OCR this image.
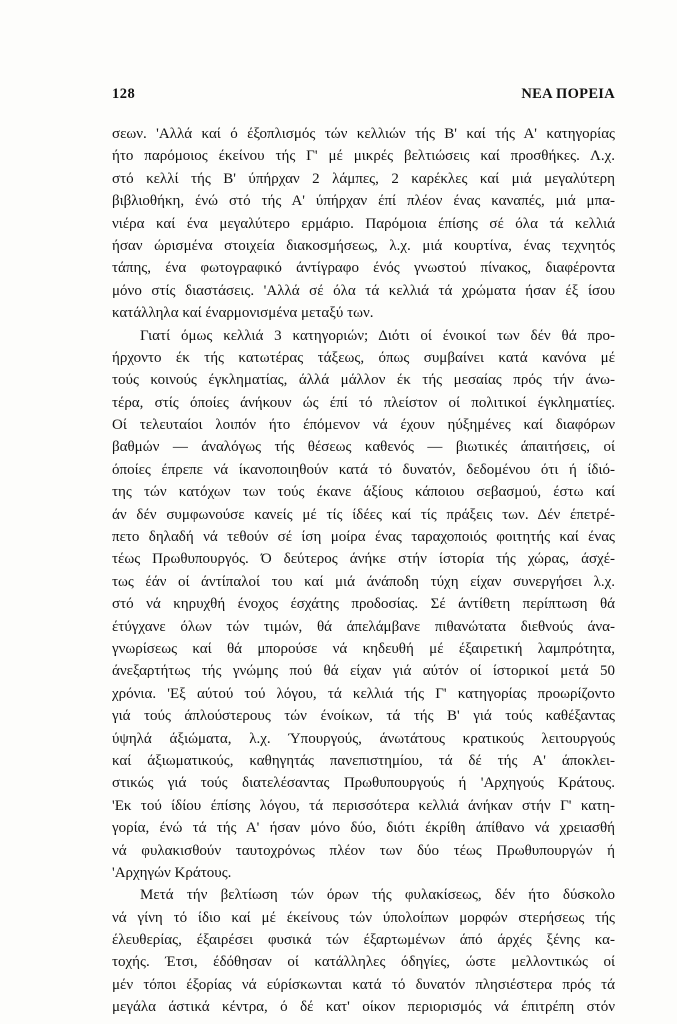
128	ΝΕΑ ΠΟΡΕΙΑ
σεων. 'Αλλά καί ό έξοπλισμός τών κελλιών τής Β' καί τής Α' κατηγορίας
ήτο παρόμοιος έκείνου τής Γ' μέ μικρές βελτιώσεις καί προσθήκες. Λ.χ.
στό κελλί τής Β' ύπήρχαν 2 λάμπες, 2 καρέκλες καί μιά μεγαλύτερη
βιβλιοθήκη, ένώ στό τής Α' ύπήρχαν έπί πλέον ένας καναπές, μιά μπα-
νιέρα καί ένα μεγαλύτερο ερμάριο. Παρόμοια έπίσης σέ όλα τά κελλιά
ήσαν ώρισμένα στοιχεία διακοσμήσεως, λ.χ. μιά κουρτίνα, ένας τεχνητός
τάπης, ένα φωτογραφικό άντίγραφο ένός γνωστού πίνακος, διαφέροντα
μόνο στίς διαστάσεις. 'Αλλά σέ όλα τά κελλιά τά χρώματα ήσαν έξ ίσου
κατάλληλα καί έναρμονισμένα μεταξύ των.
Γιατί όμως κελλιά 3 κατηγοριών; Διότι οί ένοικοί των δέν θά προ-
ήρχοντο έκ τής κατωτέρας τάξεως, όπως συμβαίνει κατά κανόνα μέ
τούς κοινούς έγκληματίας, άλλά μάλλον έκ τής μεσαίας πρός τήν άνω-
τέρα, στίς όποίες άνήκουν ώς έπί τό πλείστον οί πολιτικοί έγκληματίες.
Οί τελευταίοι λοιπόν ήτο έπόμενον νά έχουν ηύξημένες καί διαφόρων
βαθμών — άναλόγως τής θέσεως καθενός — βιωτικές άπαιτήσεις, οί
όποίες έπρεπε νά ίκανοποιηθούν κατά τό δυνατόν, δεδομένου ότι ή ίδιό-
της τών κατόχων των τούς έκανε άξίους κάποιου σεβασμού, έστω καί
άν δέν συμφωνούσε κανείς μέ τίς ίδέες καί τίς πράξεις των. Δέν έπετρέ-
πετο δηλαδή νά τεθούν σέ ίση μοίρα ένας ταραχοποιός φοιτητής καί ένας
τέως Πρωθυπουργός. Ό δεύτερος άνήκε στήν ίστορία τής χώρας, άσχέ-
τως έάν οί άντίπαλοί του καί μιά άνάποδη τύχη είχαν συνεργήσει λ.χ.
στό νά κηρυχθή ένοχος έσχάτης προδοσίας. Σέ άντίθετη περίπτωση θά
έτύγχανε όλων τών τιμών, θά άπελάμβανε πιθανώτατα διεθνούς άνα-
γνωρίσεως καί θά μπορούσε νά κηδευθή μέ έξαιρετική λαμπρότητα,
άνεξαρτήτως τής γνώμης πού θά είχαν γιά αύτόν οί ίστορικοί μετά 50
χρόνια. 'Εξ αύτού τού λόγου, τά κελλιά τής Γ' κατηγορίας προωρίζοντο
γιά τούς άπλούστερους τών ένοίκων, τά τής Β' γιά τούς καθέξαντας
ύψηλά άξιώματα, λ.χ. Ύπουργούς, άνωτάτους κρατικούς λειτουργούς
καί άξιωματικούς, καθηγητάς πανεπιστημίου, τά δέ τής Α' άποκλει-
στικώς γιά τούς διατελέσαντας Πρωθυπουργούς ή 'Αρχηγούς Κράτους.
'Εκ τού ίδίου έπίσης λόγου, τά περισσότερα κελλιά άνήκαν στήν Γ' κατη-
γορία, ένώ τά τής Α' ήσαν μόνο δύο, διότι έκρίθη άπίθανο νά χρειασθή
νά φυλακισθούν ταυτοχρόνως πλέον των δύο τέως Πρωθυπουργών ή
'Αρχηγών Κράτους.
Μετά τήν βελτίωση τών όρων τής φυλακίσεως, δέν ήτο δύσκολο
νά γίνη τό ίδιο καί μέ έκείνους τών ύπολοίπων μορφών στερήσεως τής
έλευθερίας, έξαιρέσει φυσικά τών έξαρτωμένων άπό άρχές ξένης κα-
τοχής. Έτσι, έδόθησαν οί κατάλληλες όδηγίες, ώστε μελλοντικώς οί
μέν τόποι έξορίας νά εύρίσκωνται κατά τό δυνατόν πλησιέστερα πρός τά
μεγάλα άστικά κέντρα, ό δέ κατ' οίκον περιορισμός νά έπιτρέπη στόν
